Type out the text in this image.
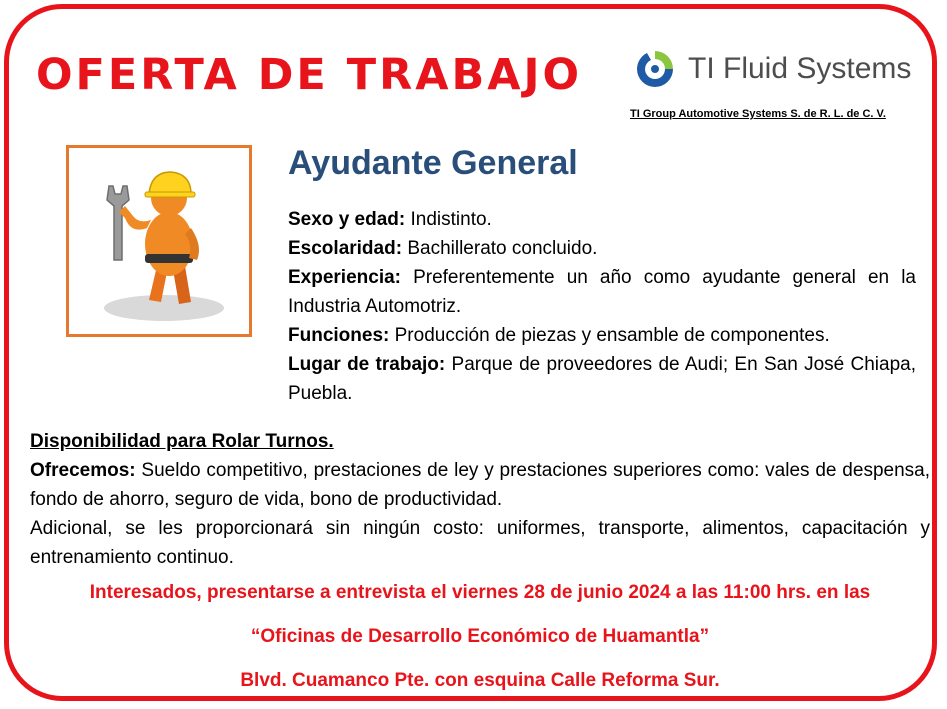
OFERTA DE TRABAJO	TI Fluid Systems
TI Group Automotive Systems S. de R. L. de C. V.
Ayudante General

Sexo y edad: Indistinto.

Escolaridad: Bachillerato concluido.

Experiencia: Preferentemente un año como ayudante general en la Industria Automotriz.

Funciones: Producción de piezas y ensamble de componentes.

Lugar de trabajo: Parque de proveedores de Audi; En San José Chiapa, Puebla.

Disponibilidad para Rolar Turnos.

Ofrecemos: Sueldo competitivo, prestaciones de ley y prestaciones superiores como: vales de despensa, fondo de ahorro, seguro de vida, bono de productividad.

Adicional, se les proporcionará sin ningún costo: uniformes, transporte, alimentos, capacitación y entrenamiento continuo.

Interesados, presentarse a entrevista el viernes 28 de junio 2024 a las 11:00 hrs. en las
“Oficinas de Desarrollo Económico de Huamantla”
Blvd. Cuamanco Pte. con esquina Calle Reforma Sur.
